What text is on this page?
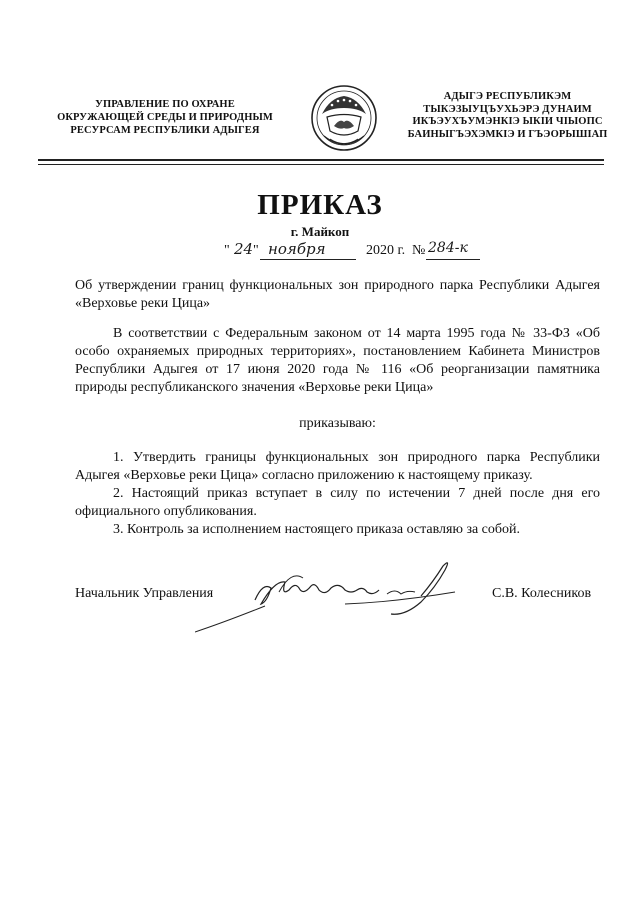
УПРАВЛЕНИЕ ПО ОХРАНЕ
ОКРУЖАЮЩЕЙ СРЕДЫ И ПРИРОДНЫМ
РЕСУРСАМ РЕСПУБЛИКИ АДЫГЕЯ
АДЫГЭ РЕСПУБЛИКЭМ
ТЫКЭЗЫУЦЪУХЬЭРЭ ДУНАИМ
ИКЪЭУХЪУМЭНКIЭ ЫКIИ ЧIЫОПС
БАИНЫГЪЭХЭМКIЭ И ГЪЭОРЫШIАП
ПРИКАЗ
г. Майкоп
" 24 " ноября	2020 г. № 284-к
Об утверждении границ функциональных зон природного парка Республики Адыгея «Верховье реки Цица»
В соответствии с Федеральным законом от 14 марта 1995 года № 33-ФЗ «Об особо охраняемых природных территориях», постановлением Кабинета Министров Республики Адыгея от 17 июня 2020 года № 116 «Об реорганизации памятника природы республиканского значения «Верховье реки Цица»
приказываю:
1. Утвердить границы функциональных зон природного парка Республики Адыгея «Верховье реки Цица» согласно приложению к настоящему приказу.
2. Настоящий приказ вступает в силу по истечении 7 дней после дня его официального опубликования.
3. Контроль за исполнением настоящего приказа оставляю за собой.
Начальник Управления	С.В. Колесников
